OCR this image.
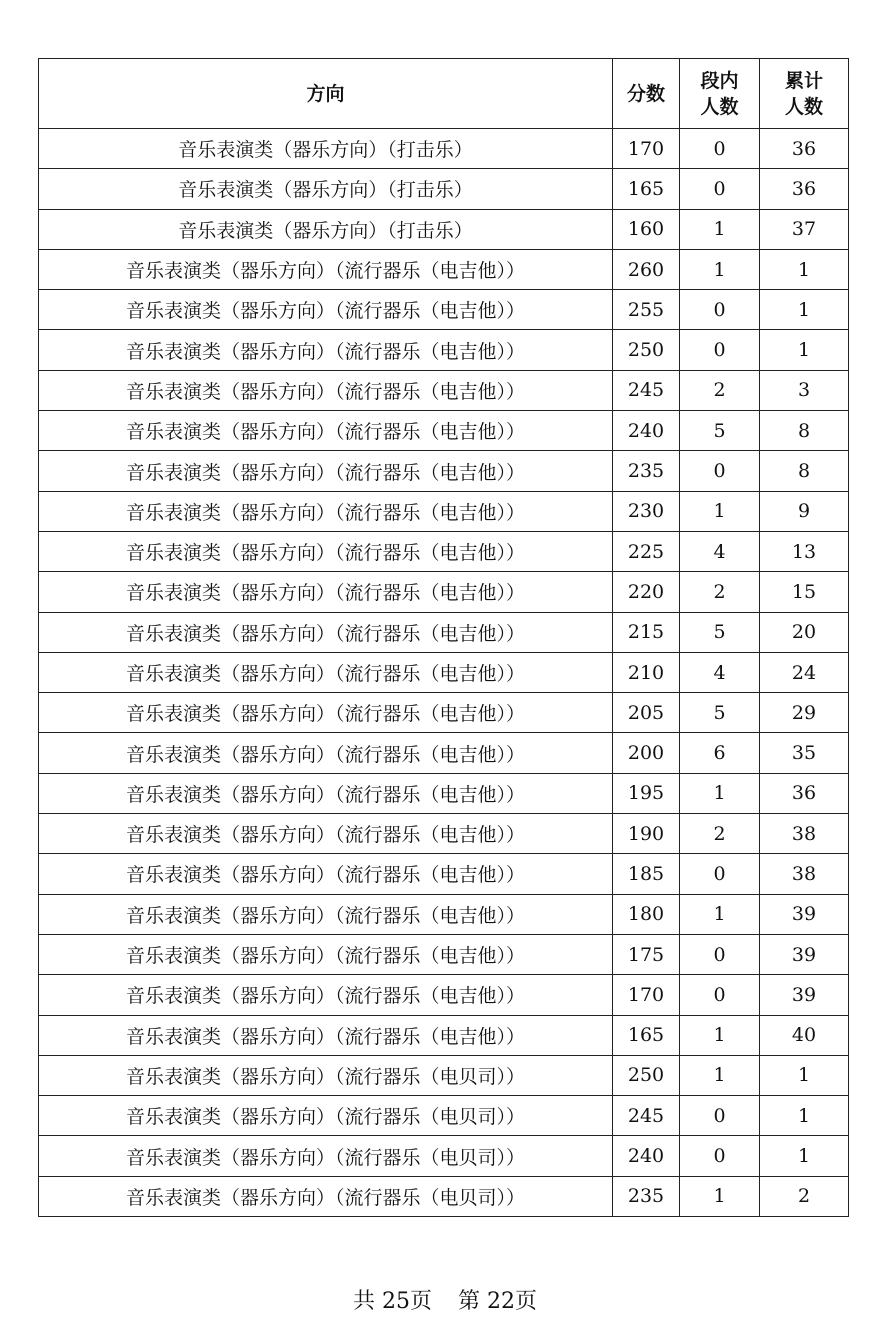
方向	分数	段内人数	累计人数
音乐表演类（器乐方向）（打击乐）	170	0	36
音乐表演类（器乐方向）（打击乐）	165	0	36
音乐表演类（器乐方向）（打击乐）	160	1	37
音乐表演类（器乐方向）（流行器乐（电吉他））	260	1	1
音乐表演类（器乐方向）（流行器乐（电吉他））	255	0	1
音乐表演类（器乐方向）（流行器乐（电吉他））	250	0	1
音乐表演类（器乐方向）（流行器乐（电吉他））	245	2	3
音乐表演类（器乐方向）（流行器乐（电吉他））	240	5	8
音乐表演类（器乐方向）（流行器乐（电吉他））	235	0	8
音乐表演类（器乐方向）（流行器乐（电吉他））	230	1	9
音乐表演类（器乐方向）（流行器乐（电吉他））	225	4	13
音乐表演类（器乐方向）（流行器乐（电吉他））	220	2	15
音乐表演类（器乐方向）（流行器乐（电吉他））	215	5	20
音乐表演类（器乐方向）（流行器乐（电吉他））	210	4	24
音乐表演类（器乐方向）（流行器乐（电吉他））	205	5	29
音乐表演类（器乐方向）（流行器乐（电吉他））	200	6	35
音乐表演类（器乐方向）（流行器乐（电吉他））	195	1	36
音乐表演类（器乐方向）（流行器乐（电吉他））	190	2	38
音乐表演类（器乐方向）（流行器乐（电吉他））	185	0	38
音乐表演类（器乐方向）（流行器乐（电吉他））	180	1	39
音乐表演类（器乐方向）（流行器乐（电吉他））	175	0	39
音乐表演类（器乐方向）（流行器乐（电吉他））	170	0	39
音乐表演类（器乐方向）（流行器乐（电吉他））	165	1	40
音乐表演类（器乐方向）（流行器乐（电贝司））	250	1	1
音乐表演类（器乐方向）（流行器乐（电贝司））	245	0	1
音乐表演类（器乐方向）（流行器乐（电贝司））	240	0	1
音乐表演类（器乐方向）（流行器乐（电贝司））	235	1	2
共 25页 第 22页
